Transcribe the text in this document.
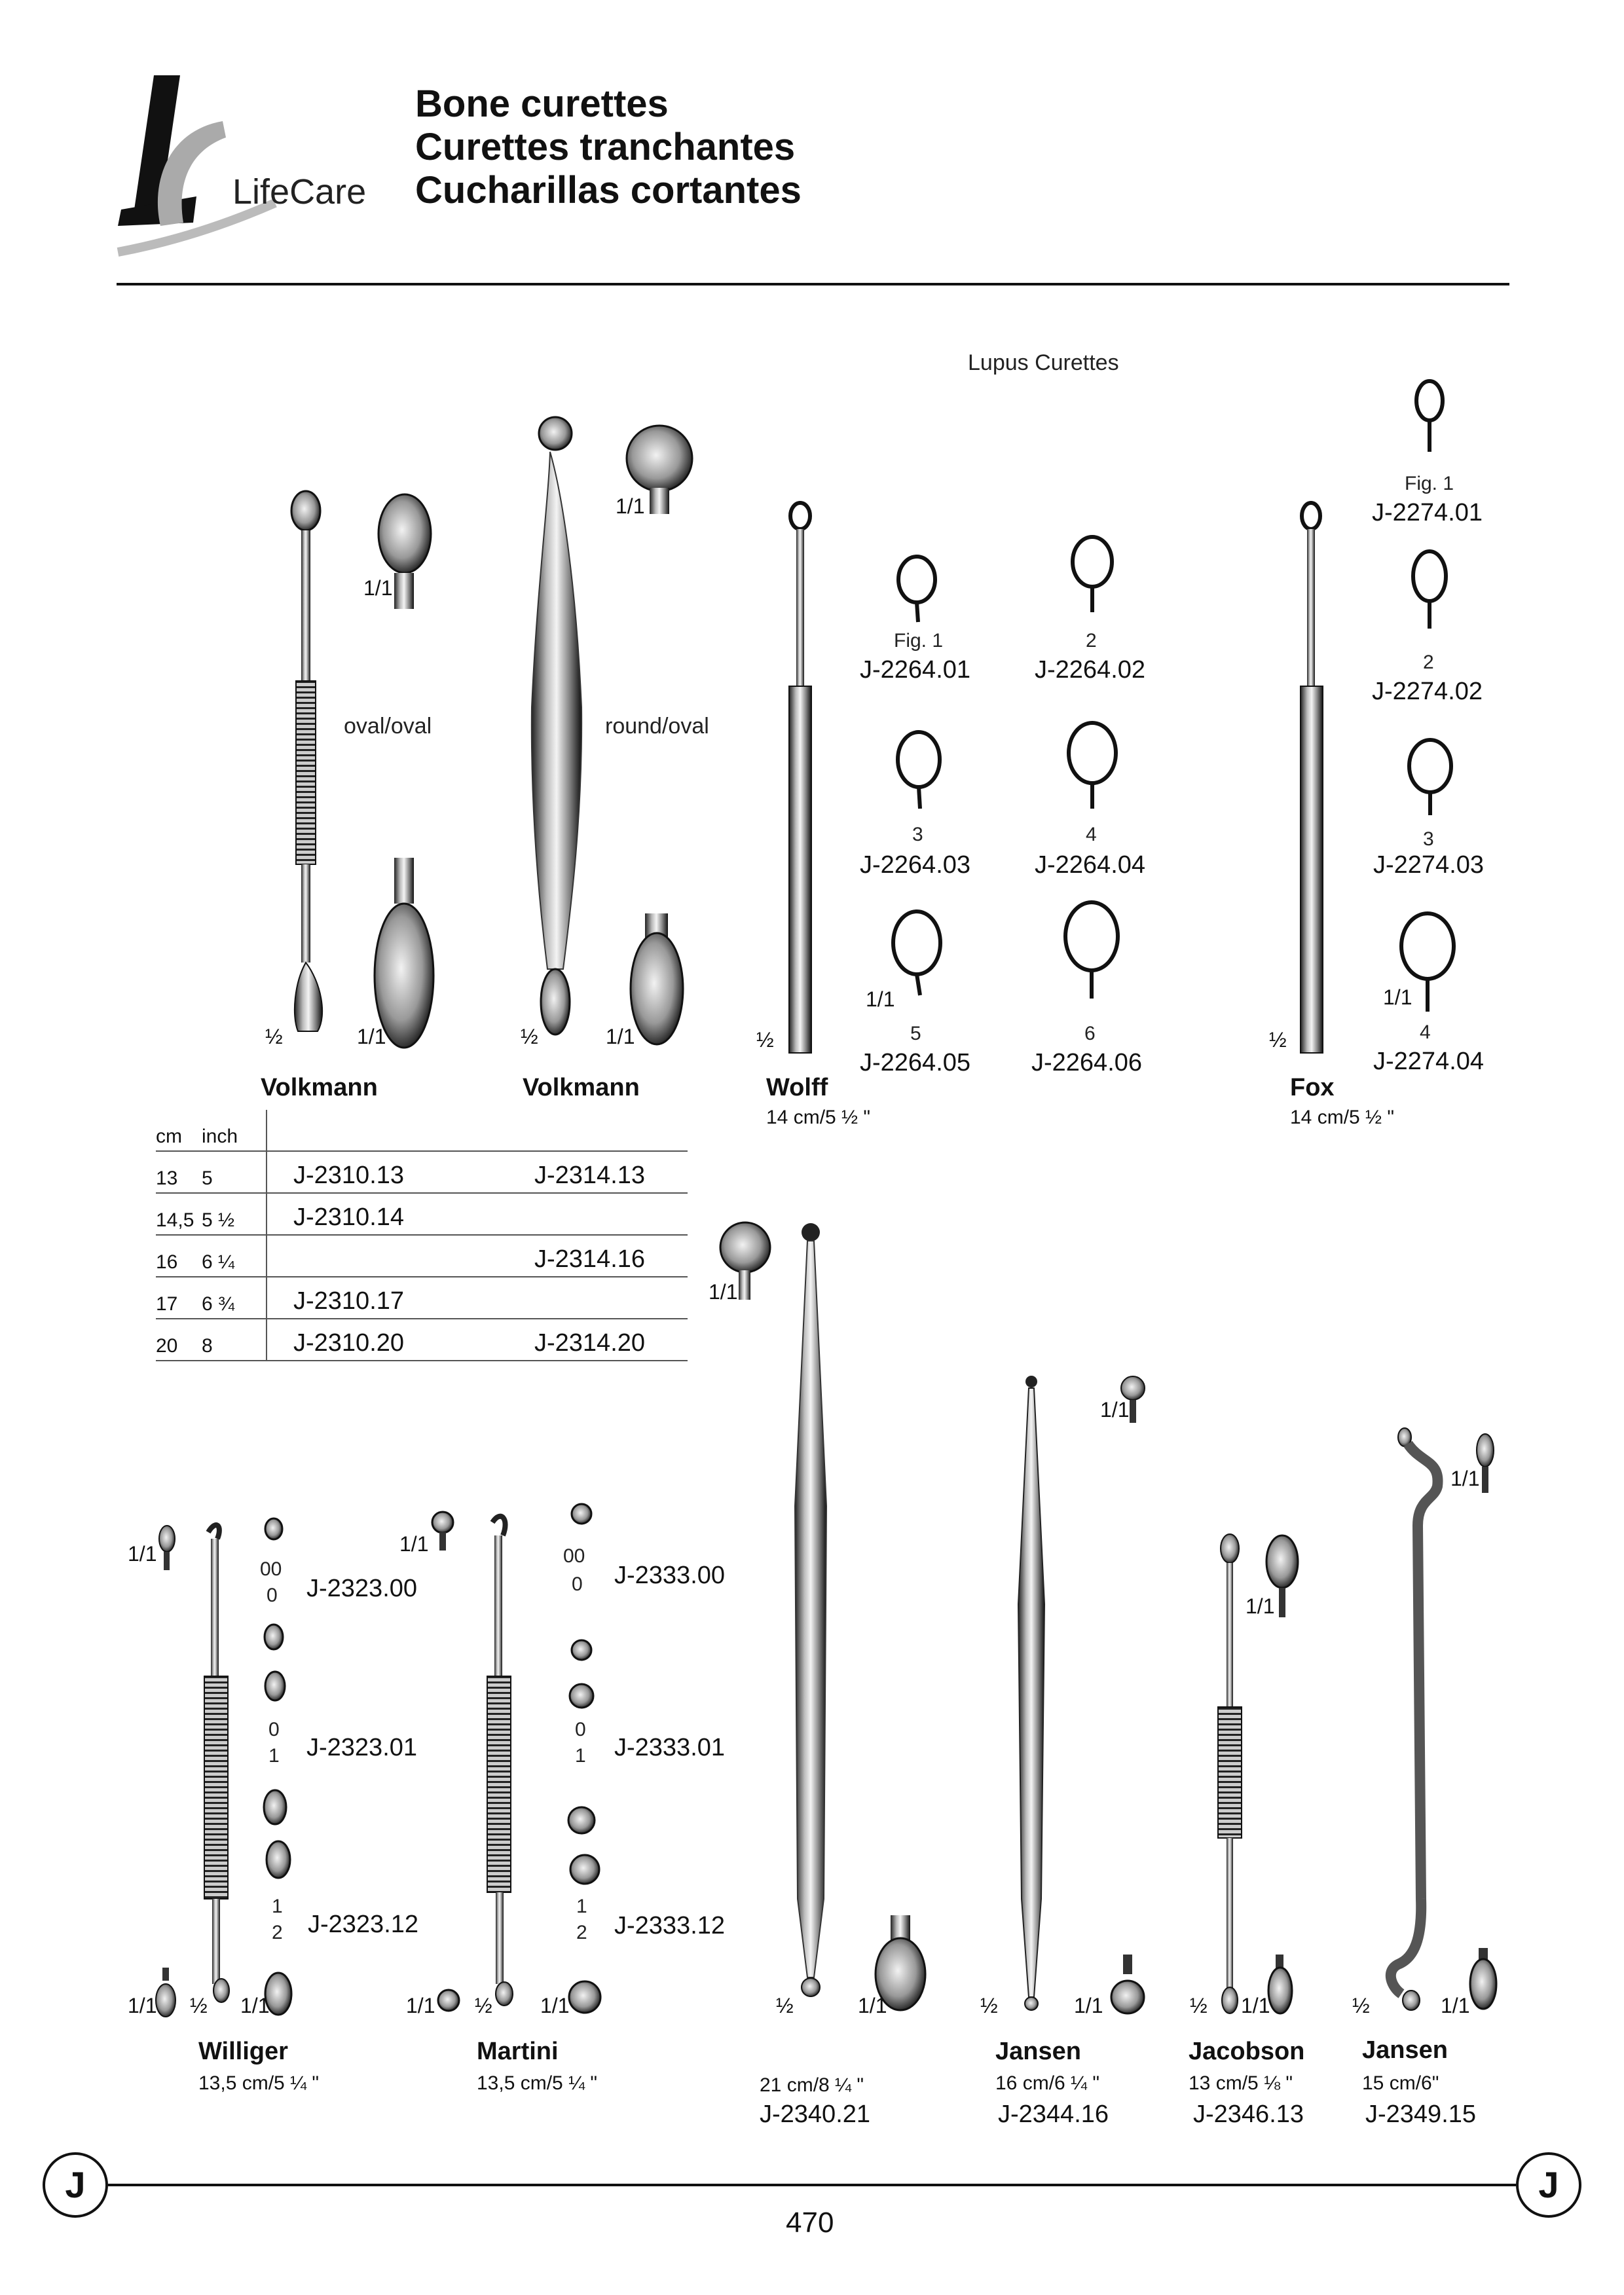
LifeCare
Bone curettes
Curettes tranchantes
Cucharillas cortantes
oval/oval	round/oval
Lupus Curettes
1/1
½	1/1
1/1
½	1/1	½
1/1
½
1/1
1/1
1/1
1/1
1/1
1/1	1/1
1/1 ½ 1/1	1/1 ½ 1/1	½	1/1	½	1/1	½ 1/1	½	1/1
Volkmann	Volkmann
cm	inch		
13	5	J-2310.13	J-2314.13
14,5	5 ½	J-2310.14	
16	6 ¼		J-2314.16
17	6 ¾	J-2310.17	
20	8	J-2310.20	J-2314.20
Fig. 1
J-2264.01
2
J-2264.02
3
J-2264.03
4
J-2264.04
5
J-2264.05
6
J-2264.06
Wolff
14 cm/5 ½ "
Fig. 1
J-2274.01
2
J-2274.02
3
J-2274.03
4
J-2274.04
Fox
14 cm/5 ½ "
00
0
0
1
1
2
J-2323.00
J-2323.01
J-2323.12
Williger
13,5 cm/5 ¼ "
00
0
0
1
1
2
J-2333.00
J-2333.01
J-2333.12
Martini
13,5 cm/5 ¼ "	21 cm/8 ¼ "
J-2340.21
Jansen
16 cm/6 ¼ "
J-2344.16
Jacobson
13 cm/5 ⅛ "
J-2346.13
Jansen
15 cm/6"
J-2349.15
J	J
470
